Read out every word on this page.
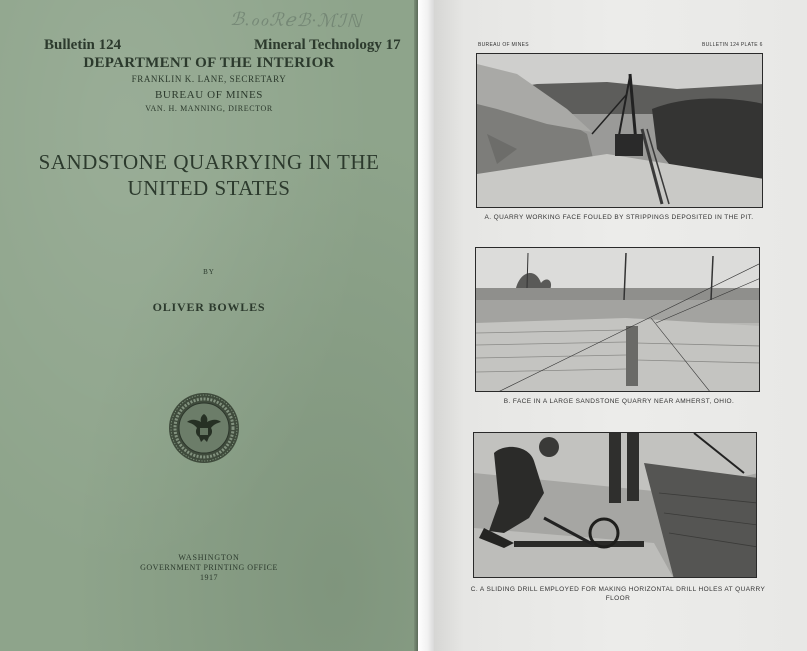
ℬ.ℴℴℛℯℬ·ℳℐℕ
Bulletin 124	Mineral Technology 17
DEPARTMENT OF THE INTERIOR
FRANKLIN K. LANE, SECRETARY
BUREAU OF MINES
VAN. H. MANNING, DIRECTOR
SANDSTONE QUARRYING IN THE
UNITED STATES
BY
OLIVER BOWLES
WASHINGTON
GOVERNMENT PRINTING OFFICE
1917
BUREAU OF MINES	BULLETIN 124 PLATE 6
A. QUARRY WORKING FACE FOULED BY STRIPPINGS DEPOSITED IN THE PIT.
B. FACE IN A LARGE SANDSTONE QUARRY NEAR AMHERST, OHIO.
C. A SLIDING DRILL EMPLOYED FOR MAKING HORIZONTAL DRILL HOLES AT QUARRY FLOOR
